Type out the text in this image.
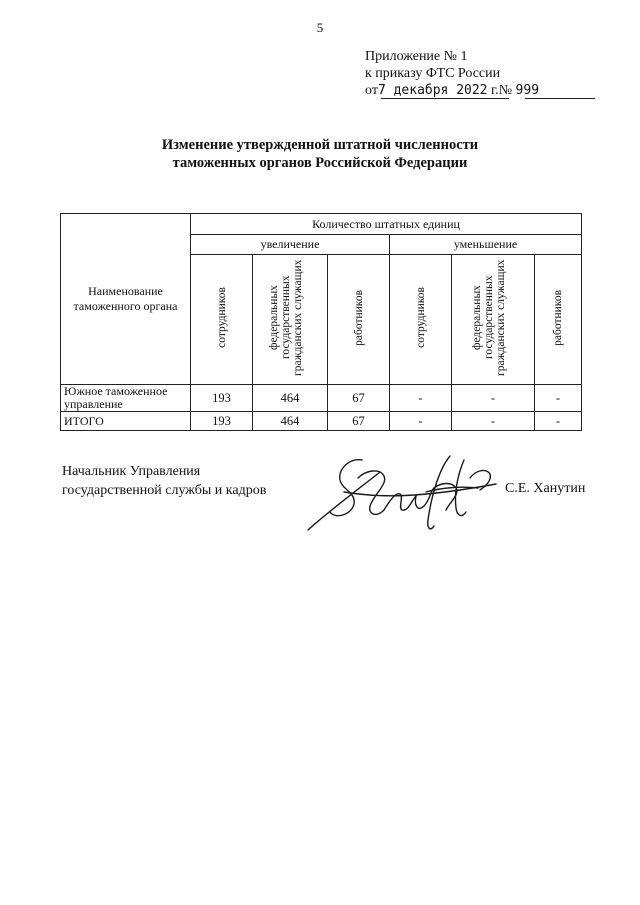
5
Приложение № 1
к приказу ФТС России
от7 декабря 2022 г.№ 999
Изменение утвержденной штатной численности
таможенных органов Российской Федерации
Наименование таможенного органа	Количество штатных единиц					
	увеличение			уменьшение		
	сотрудников	федеральных государственных гражданских служащих	работников	сотрудников	федеральных государственных гражданских служащих	работников
Южное таможенное управление	193	464	67	-	-	-
ИТОГО	193	464	67	-	-	-
Начальник Управления
государственной службы и кадров	С.Е. Ханутин
